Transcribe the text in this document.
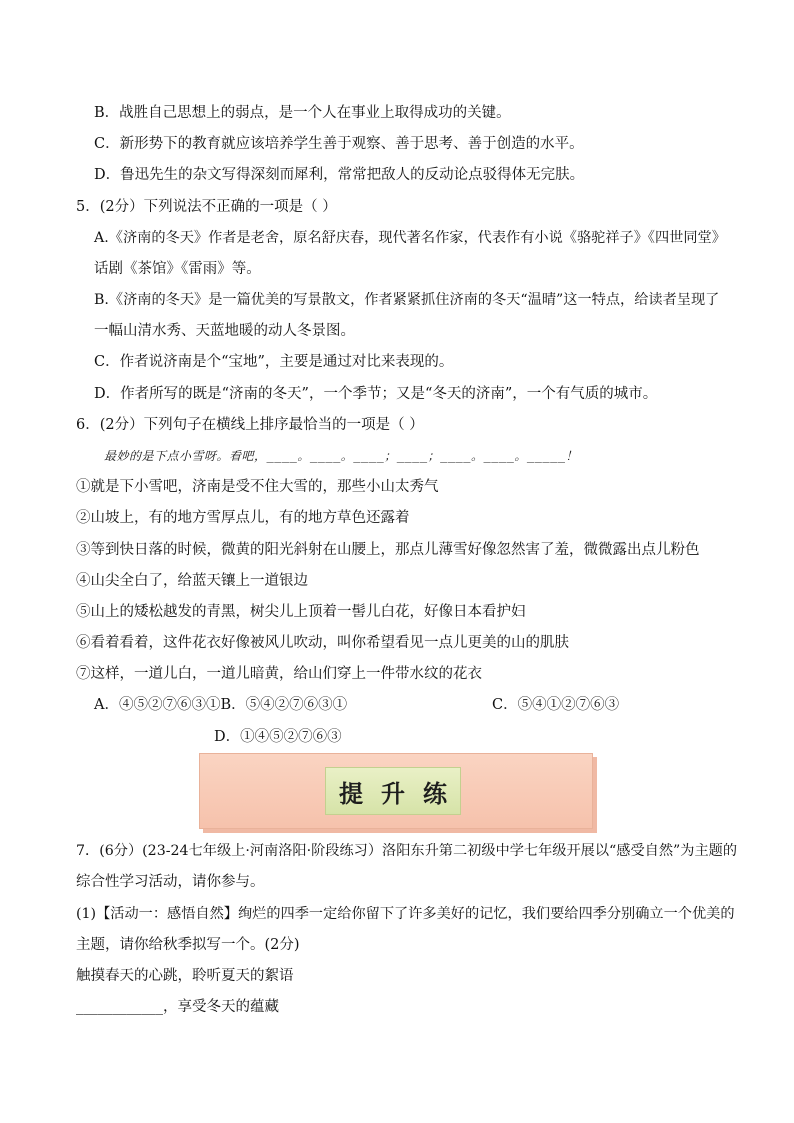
B．战胜自己思想上的弱点，是一个人在事业上取得成功的关键。
C．新形势下的教育就应该培养学生善于观察、善于思考、善于创造的水平。
D．鲁迅先生的杂文写得深刻而犀利，常常把敌人的反动论点驳得体无完肤。
5．(2分）下列说法不正确的一项是（ ）
A.《济南的冬天》作者是老舍，原名舒庆春，现代著名作家，代表作有小说《骆驼祥子》《四世同堂》
话剧《茶馆》《雷雨》等。
B.《济南的冬天》是一篇优美的写景散文，作者紧紧抓住济南的冬天“温晴”这一特点，给读者呈现了
一幅山清水秀、天蓝地暖的动人冬景图。
C．作者说济南是个“宝地”，主要是通过对比来表现的。
D．作者所写的既是“济南的冬天”，一个季节；又是“冬天的济南”，一个有气质的城市。
6．(2分）下列句子在横线上排序最恰当的一项是（ ）
最妙的是下点小雪呀。看吧，____。____。____；____；____。____。_____！
①就是下小雪吧，济南是受不住大雪的，那些小山太秀气
②山坡上，有的地方雪厚点儿，有的地方草色还露着
③等到快日落的时候，微黄的阳光斜射在山腰上，那点儿薄雪好像忽然害了羞，微微露出点儿粉色
④山尖全白了，给蓝天镶上一道银边
⑤山上的矮松越发的青黑，树尖儿上顶着一髻儿白花，好像日本看护妇
⑥看着看着，这件花衣好像被风儿吹动，叫你希望看见一点儿更美的山的肌肤
⑦这样，一道儿白，一道儿暗黄，给山们穿上一件带水纹的花衣
A．④⑤②⑦⑥③①B．⑤④②⑦⑥③①	C．⑤④①②⑦⑥③
D．①④⑤②⑦⑥③
提升练
7．(6分）(23-24七年级上·河南洛阳·阶段练习）洛阳东升第二初级中学七年级开展以“感受自然”为主题的
综合性学习活动，请你参与。
(1)【活动一：感悟自然】绚烂的四季一定给你留下了许多美好的记忆，我们要给四季分别确立一个优美的
主题，请你给秋季拟写一个。(2分)
触摸春天的心跳，聆听夏天的絮语
____________，享受冬天的蕴藏
